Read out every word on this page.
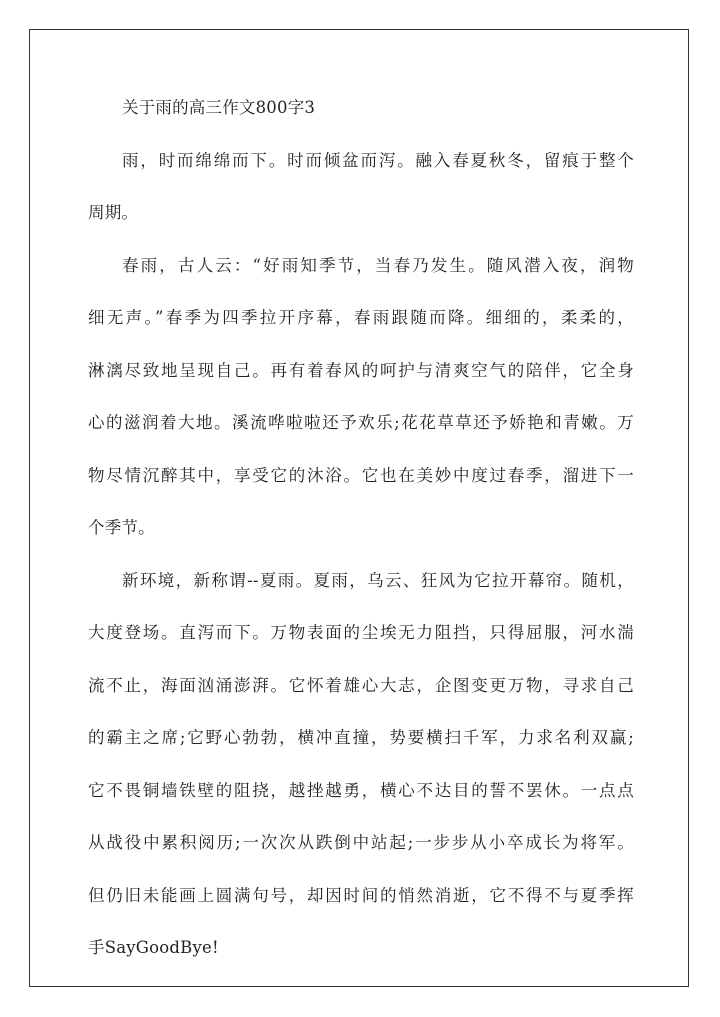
关于雨的高三作文800字3
雨，时而绵绵而下。时而倾盆而泻。融入春夏秋冬，留痕于整个
周期。
春雨，古人云：“好雨知季节，当春乃发生。随风潜入夜，润物
细无声。”春季为四季拉开序幕，春雨跟随而降。细细的，柔柔的，
淋漓尽致地呈现自己。再有着春风的呵护与清爽空气的陪伴，它全身
心的滋润着大地。溪流哗啦啦还予欢乐;花花草草还予娇艳和青嫩。万
物尽情沉醉其中，享受它的沐浴。它也在美妙中度过春季，溜进下一
个季节。
新环境，新称谓--夏雨。夏雨，乌云、狂风为它拉开幕帘。随机，
大度登场。直泻而下。万物表面的尘埃无力阻挡，只得屈服，河水湍
流不止，海面汹涌澎湃。它怀着雄心大志，企图变更万物，寻求自己
的霸主之席;它野心勃勃，横冲直撞，势要横扫千军，力求名利双赢;
它不畏铜墙铁壁的阻挠，越挫越勇，横心不达目的誓不罢休。一点点
从战役中累积阅历;一次次从跌倒中站起;一步步从小卒成长为将军。
但仍旧未能画上圆满句号，却因时间的悄然消逝，它不得不与夏季挥
手SayGoodBye!
